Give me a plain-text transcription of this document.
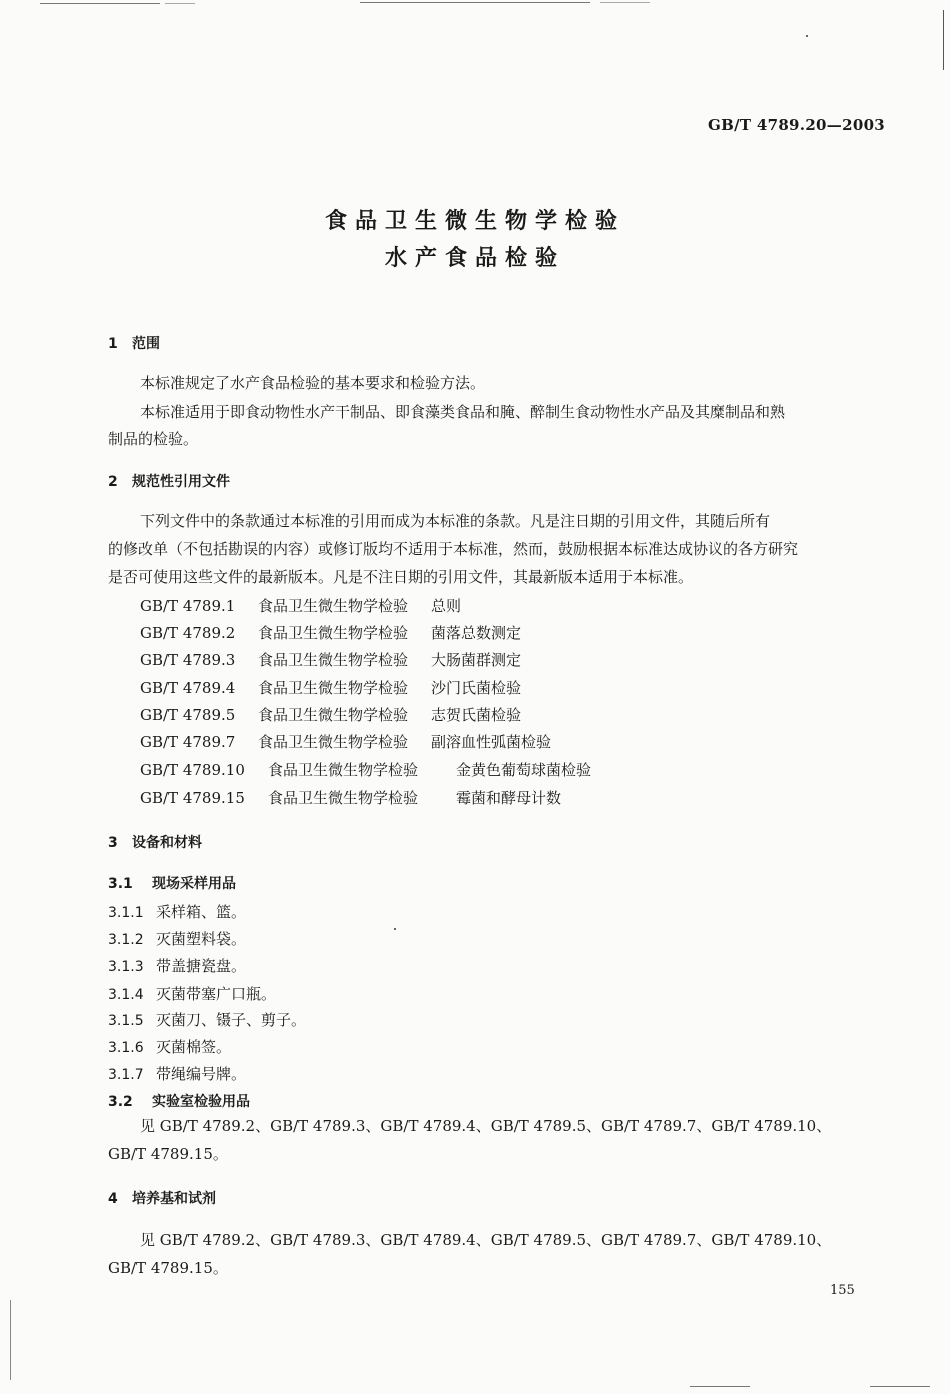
GB/T 4789.20—2003
食品卫生微生物学检验
水产食品检验
1 范围
本标准规定了水产食品检验的基本要求和检验方法。
本标准适用于即食动物性水产干制品、即食藻类食品和腌、醉制生食动物性水产品及其糜制品和熟
制品的检验。
2 规范性引用文件
下列文件中的条款通过本标准的引用而成为本标准的条款。凡是注日期的引用文件，其随后所有
的修改单（不包括勘误的内容）或修订版均不适用于本标准，然而，鼓励根据本标准达成协议的各方研究
是否可使用这些文件的最新版本。凡是不注日期的引用文件，其最新版本适用于本标准。
GB/T 4789.1 食品卫生微生物学检验 总则
GB/T 4789.2 食品卫生微生物学检验 菌落总数测定
GB/T 4789.3 食品卫生微生物学检验 大肠菌群测定
GB/T 4789.4 食品卫生微生物学检验 沙门氏菌检验
GB/T 4789.5 食品卫生微生物学检验 志贺氏菌检验
GB/T 4789.7 食品卫生微生物学检验 副溶血性弧菌检验
GB/T 4789.10 食品卫生微生物学检验	金黄色葡萄球菌检验
GB/T 4789.15 食品卫生微生物学检验	霉菌和酵母计数
3 设备和材料
3.1 现场采样用品
3.1.1 采样箱、篮。
3.1.2 灭菌塑料袋。
3.1.3 带盖搪瓷盘。
3.1.4 灭菌带塞广口瓶。
3.1.5 灭菌刀、镊子、剪子。
3.1.6 灭菌棉签。
3.1.7 带绳编号牌。
3.2 实验室检验用品
见 GB/T 4789.2、GB/T 4789.3、GB/T 4789.4、GB/T 4789.5、GB/T 4789.7、GB/T 4789.10、
GB/T 4789.15。
4 培养基和试剂
见 GB/T 4789.2、GB/T 4789.3、GB/T 4789.4、GB/T 4789.5、GB/T 4789.7、GB/T 4789.10、
GB/T 4789.15。
155
